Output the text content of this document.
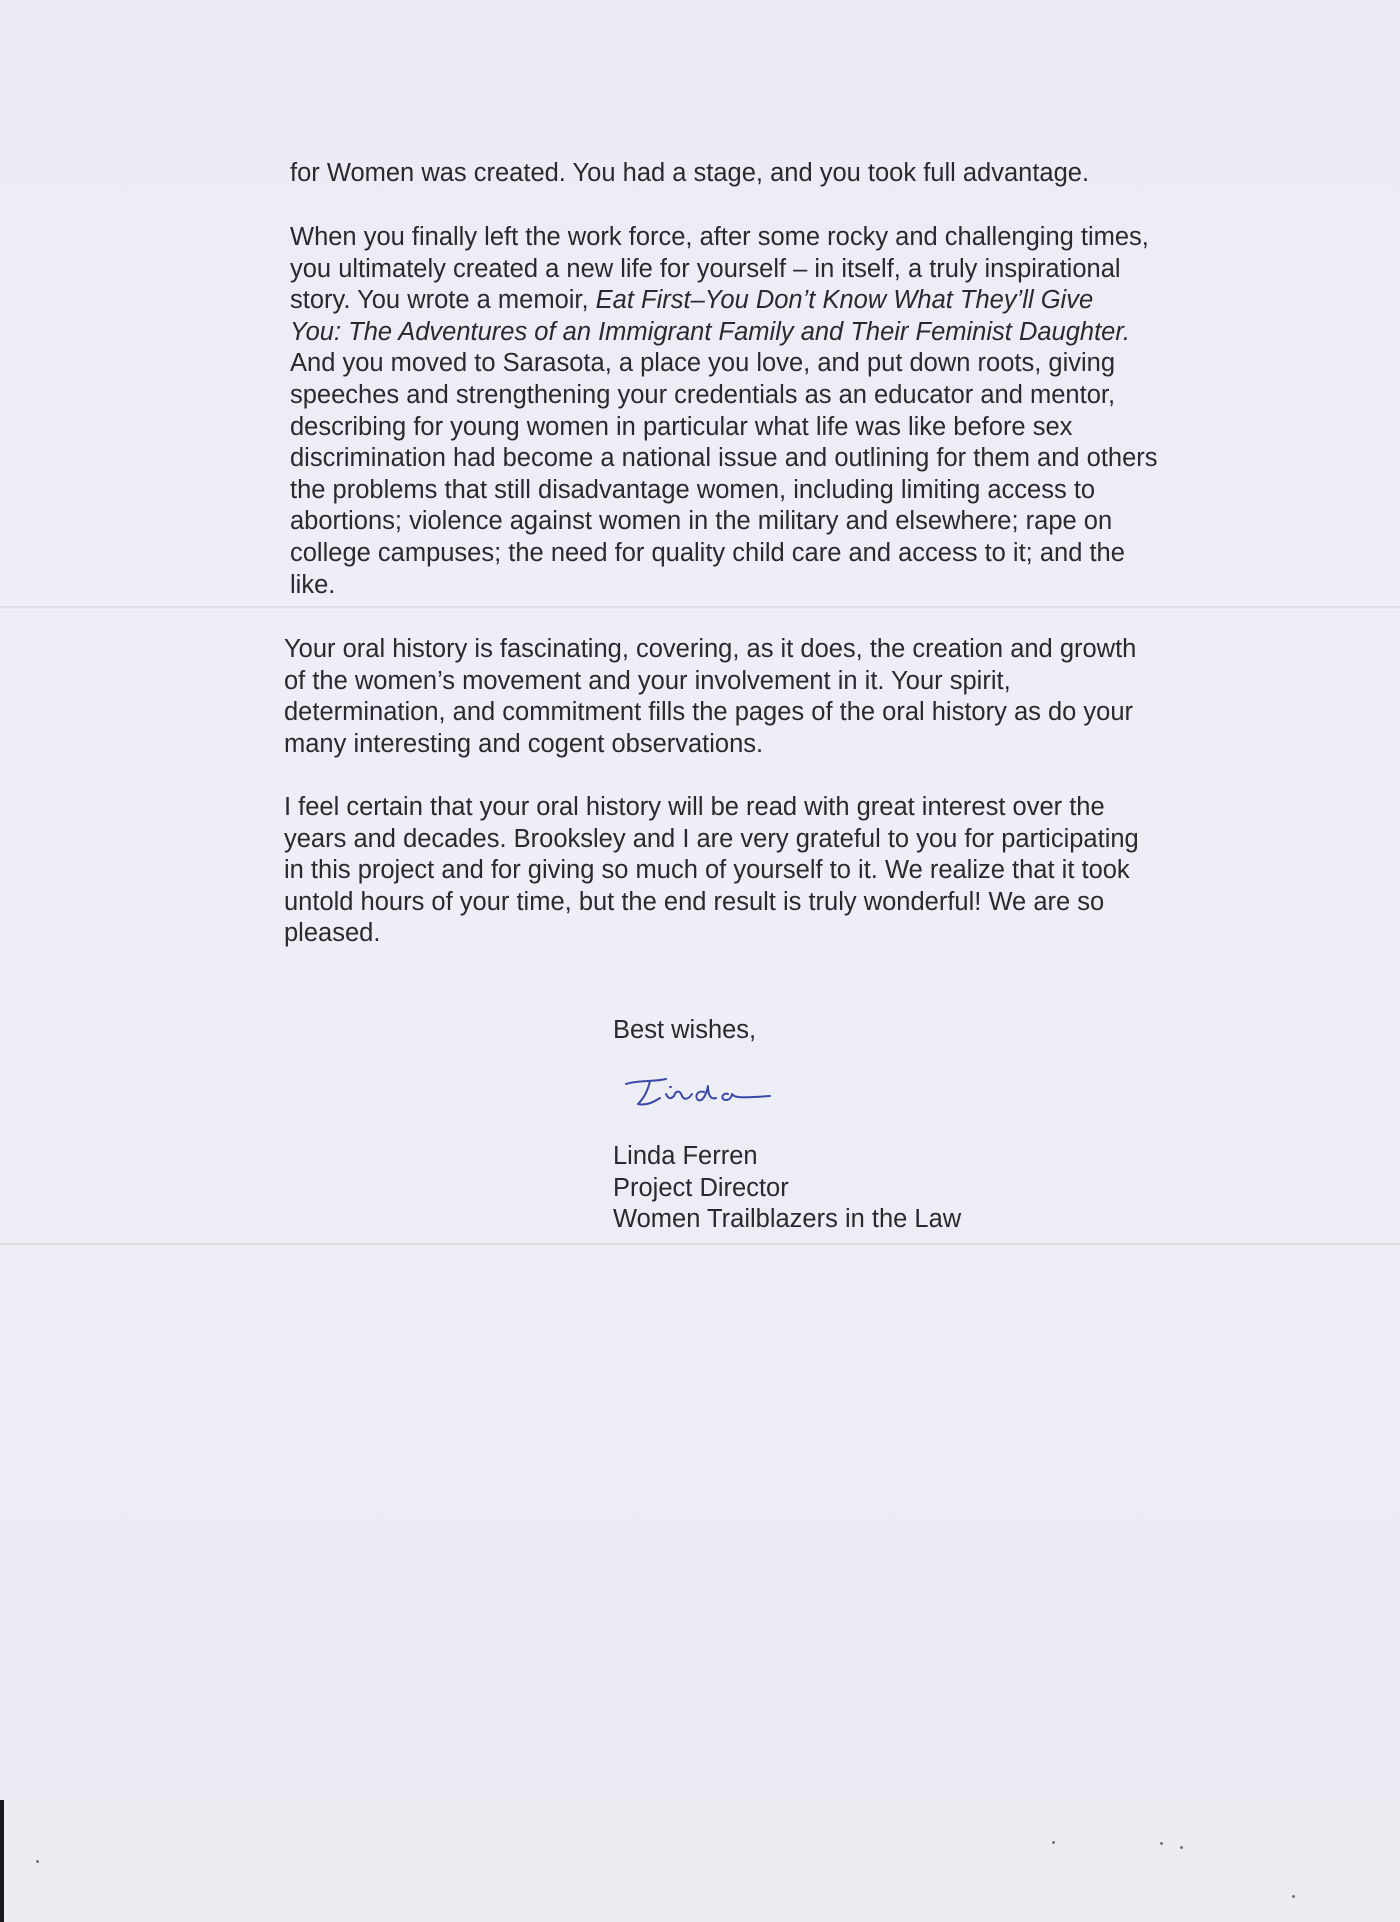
for Women was created. You had a stage, and you took full advantage.
When you finally left the work force, after some rocky and challenging times,
you ultimately created a new life for yourself – in itself, a truly inspirational
story. You wrote a memoir, Eat First–You Don’t Know What They’ll Give
You: The Adventures of an Immigrant Family and Their Feminist Daughter.
And you moved to Sarasota, a place you love, and put down roots, giving
speeches and strengthening your credentials as an educator and mentor,
describing for young women in particular what life was like before sex
discrimination had become a national issue and outlining for them and others
the problems that still disadvantage women, including limiting access to
abortions; violence against women in the military and elsewhere; rape on
college campuses; the need for quality child care and access to it; and the
like.
Your oral history is fascinating, covering, as it does, the creation and growth
of the women’s movement and your involvement in it. Your spirit,
determination, and commitment fills the pages of the oral history as do your
many interesting and cogent observations.
I feel certain that your oral history will be read with great interest over the
years and decades. Brooksley and I are very grateful to you for participating
in this project and for giving so much of yourself to it. We realize that it took
untold hours of your time, but the end result is truly wonderful! We are so
pleased.
Best wishes,
Linda Ferren
Project Director
Women Trailblazers in the Law
